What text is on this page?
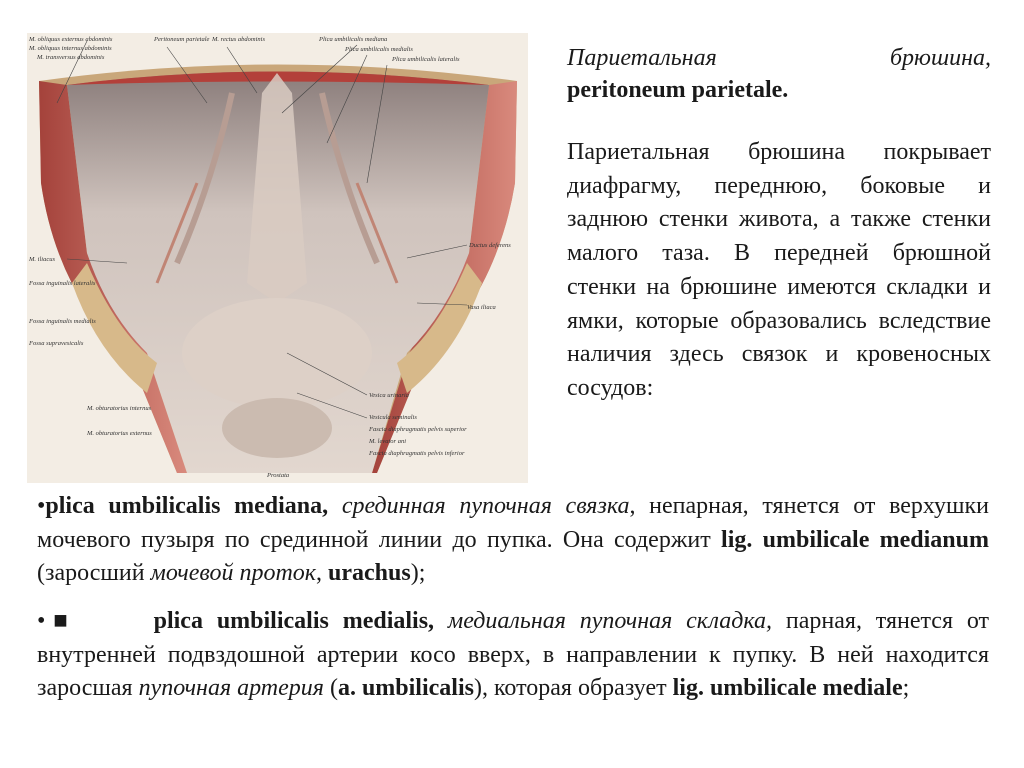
M. obliquus externus abdominis
M. obliquus internus abdominis
M. transversus abdominis
Peritoneum parietale M. rectus abdominis	Plica umbilicalis mediana
Plica umbilicalis medialis
Plica umbilicalis lateralis
M. iliacus
Fossa inguinalis lateralis
Fossa inguinalis medialis
Fossa supravesicalis
M. obturatorius internus
M. obturatorius externus
Ductus deferens
Vasa iliaca
Vesica urinaria
Vesicula seminalis
Fascia diaphragmatis pelvis superior
M. levator ani
Fascia diaphragmatis pelvis inferior
Prostata
Париетальная	брюшина,
peritoneum parietale.
Париетальная брюшина покрывает диафрагму, переднюю, боковые и заднюю стенки живота, а также стенки малого таза. В передней брюшной стенки на брюшине имеются складки и ямки, которые образовались вследствие наличия здесь связок и кровеносных сосудов:
•plica umbilicalis mediana, срединная пупочная связка, непарная, тянется от верхушки мочевого пузыря по срединной линии до пупка. Она содержит lig. umbilicale medianum (заросший мочевой проток, urachus);
•■	plica umbilicalis medialis, медиальная пупочная складка, парная, тянется от внутренней подвздошной артерии косо вверх, в направлении к пупку. В ней находится заросшая пупочная артерия (a. umbilicalis), которая образует lig. umbilicale mediale;
